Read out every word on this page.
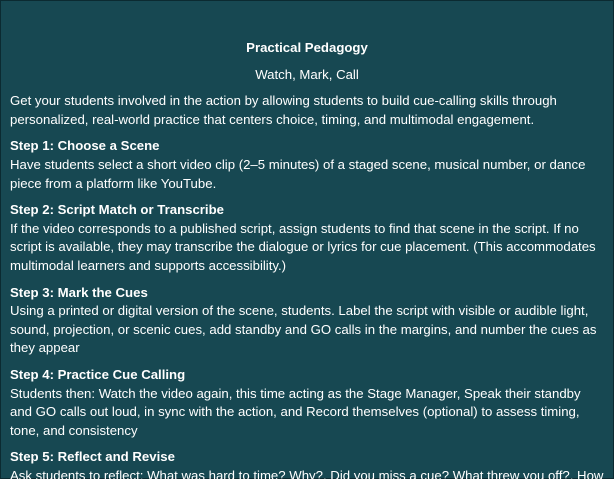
Practical Pedagogy
Watch, Mark, Call
Get your students involved in the action by allowing students to build cue-calling skills through personalized, real-world practice that centers choice, timing, and multimodal engagement.
Step 1: Choose a Scene
Have students select a short video clip (2–5 minutes) of a staged scene, musical number, or dance piece from a platform like YouTube.
Step 2: Script Match or Transcribe
If the video corresponds to a published script, assign students to find that scene in the script. If no script is available, they may transcribe the dialogue or lyrics for cue placement. (This accommodates multimodal learners and supports accessibility.)
Step 3: Mark the Cues
Using a printed or digital version of the scene, students. Label the script with visible or audible light, sound, projection, or scenic cues, add standby and GO calls in the margins, and number the cues as they appear
Step 4: Practice Cue Calling
Students then: Watch the video again, this time acting as the Stage Manager, Speak their standby and GO calls out loud, in sync with the action, and Record themselves (optional) to assess timing, tone, and consistency
Step 5: Reflect and Revise
Ask students to reflect: What was hard to time? Why?, Did you miss a cue? What threw you off?, How would you communicate with your crew differently?
